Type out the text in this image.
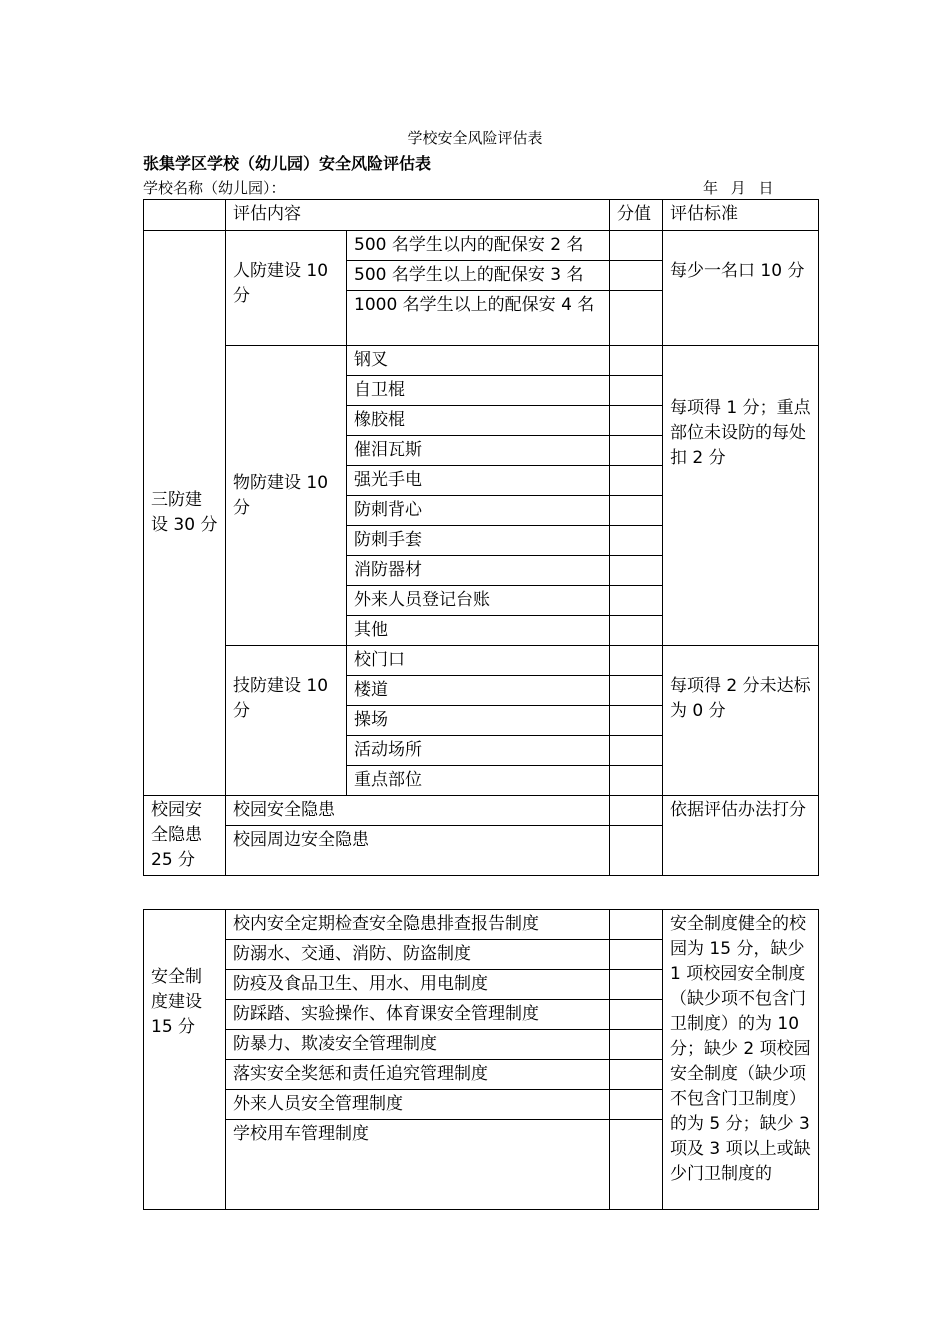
学校安全风险评估表
张集学区学校（幼儿园）安全风险评估表
学校名称（幼儿园）：	年 月 日
	评估内容		分值	评估标准
三防建设 30 分	人防建设 10 分	500 名学生以内的配保安 2 名		每少一名口 10 分
		500 名学生以上的配保安 3 名		
		1000 名学生以上的配保安 4 名		
	物防建设 10 分	钢叉		每项得 1 分；重点部位未设防的每处扣 2 分
		自卫棍		
		橡胶棍		
		催泪瓦斯		
		强光手电		
		防刺背心		
		防刺手套		
		消防器材		
		外来人员登记台账		
		其他		
	技防建设 10 分	校门口		每项得 2 分未达标为 0 分
		楼道		
		操场		
		活动场所		
		重点部位		
校园安全隐患 25 分	校园安全隐患			依据评估办法打分
	校园周边安全隐患			
安全制度建设 15 分	校内安全定期检查安全隐患排查报告制度		安全制度健全的校园为 15 分，缺少 1 项校园安全制度（缺少项不包含门卫制度）的为 10 分；缺少 2 项校园安全制度（缺少项不包含门卫制度）的为 5 分；缺少 3 项及 3 项以上或缺少门卫制度的
	防溺水、交通、消防、防盗制度		
	防疫及食品卫生、用水、用电制度		
	防踩踏、实验操作、体育课安全管理制度		
	防暴力、欺凌安全管理制度		
	落实安全奖惩和责任追究管理制度		
	外来人员安全管理制度		
	学校用车管理制度		
